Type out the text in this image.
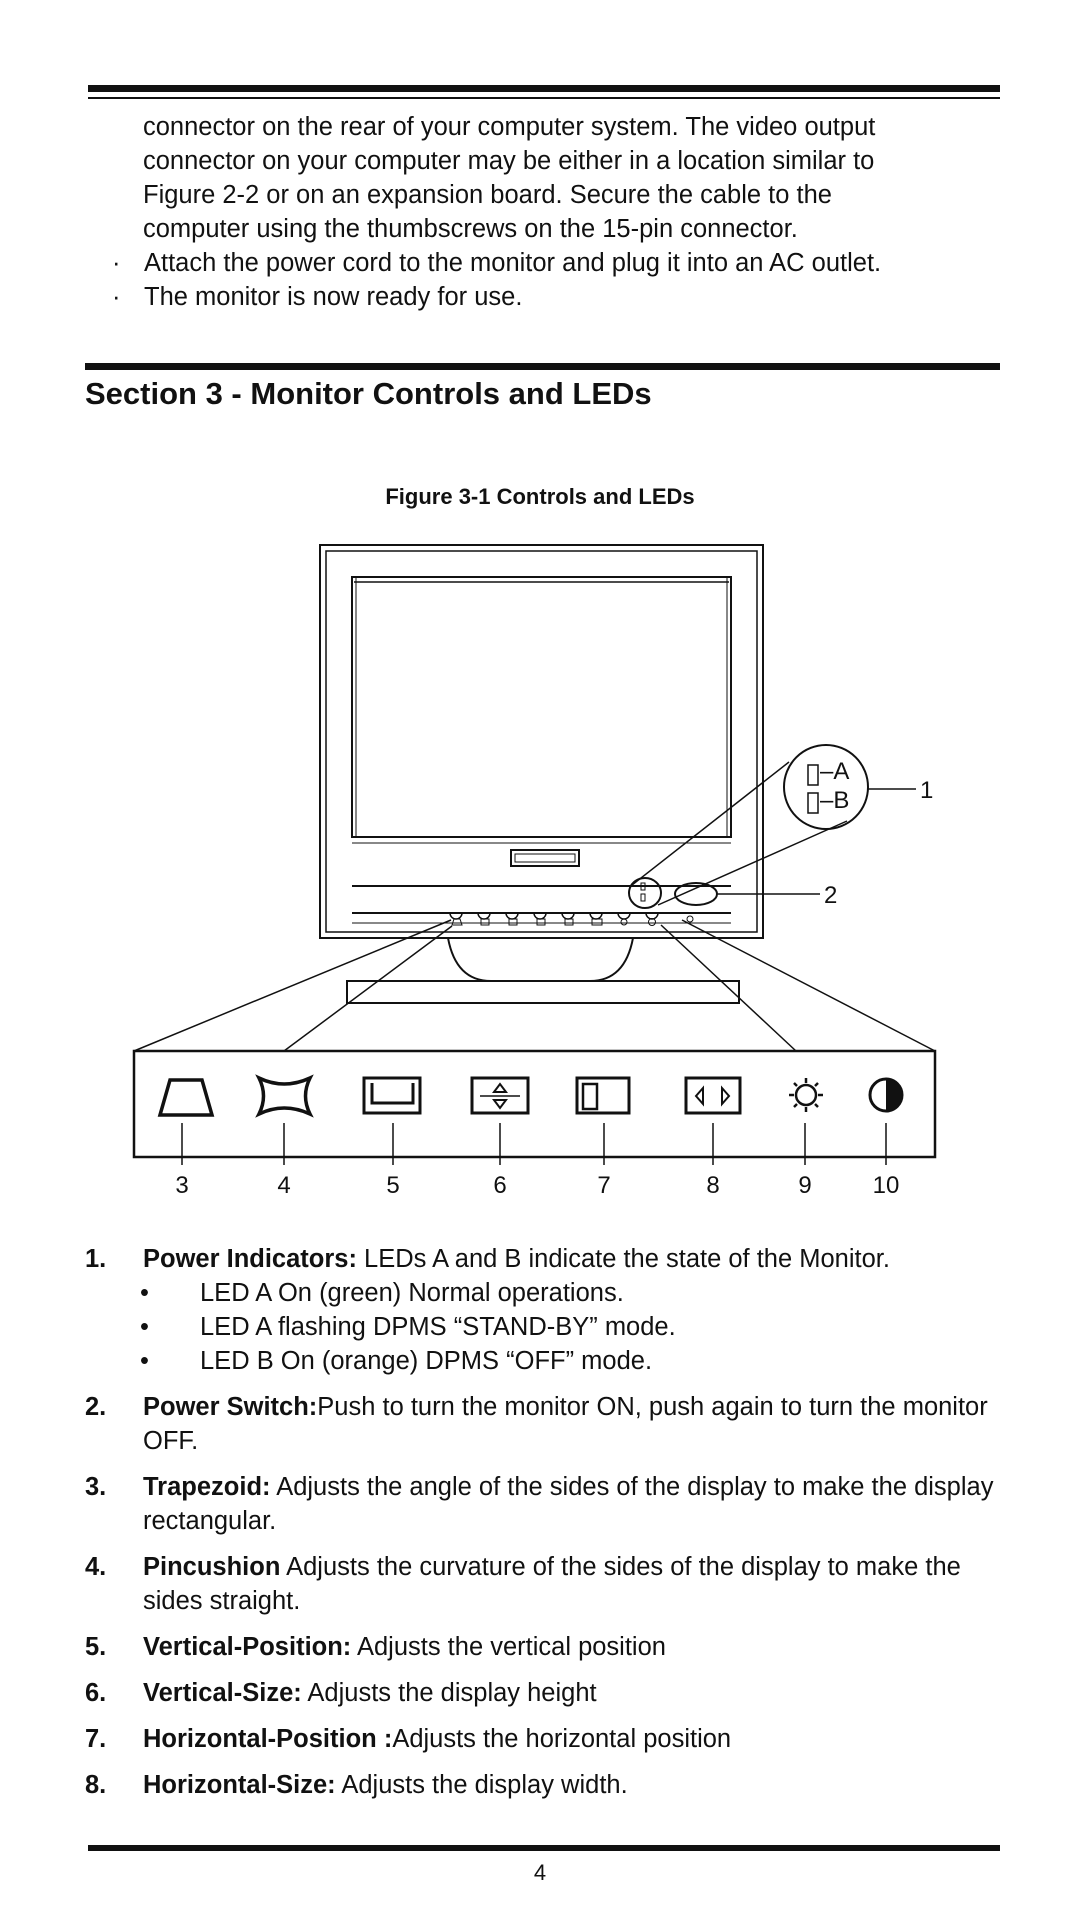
connector on the rear of your computer system. The video output
connector on your computer may be either in a location similar to
Figure 2-2 or on an expansion board. Secure the cable to the
computer using the thumbscrews on the 15-pin connector.
· Attach the power cord to the monitor and plug it into an AC outlet.
· The monitor is now ready for use.
Section 3 - Monitor Controls and LEDs
Figure 3-1 Controls and LEDs
–A
–B	1
2
3	4	5	6	7	8	9	10
1. Power Indicators: LEDs A and B indicate the state of the Monitor.
• LED A On (green) Normal operations.
• LED A flashing DPMS “STAND-BY” mode.
• LED B On (orange) DPMS “OFF” mode.
2. Power Switch:Push to turn the monitor ON, push again to turn the monitor OFF.
3. Trapezoid: Adjusts the angle of the sides of the display to make the display rectangular.
4. Pincushion Adjusts the curvature of the sides of the display to make the sides straight.
5. Vertical-Position: Adjusts the vertical position
6. Vertical-Size: Adjusts the display height
7. Horizontal-Position :Adjusts the horizontal position
8. Horizontal-Size: Adjusts the display width.
4
